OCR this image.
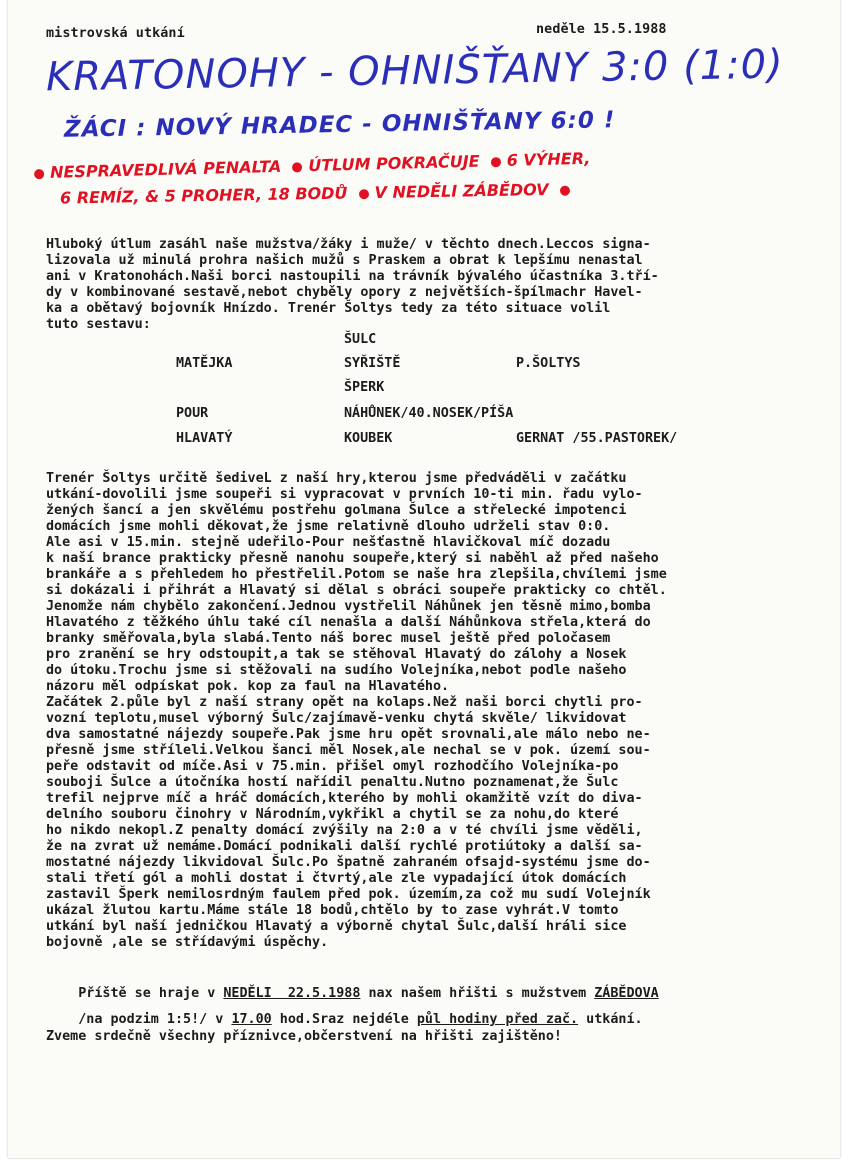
mistrovská utkání	neděle 15.5.1988
KRATONOHY - OHNIŠŤANY 3:0 (1:0)
ŽÁCI : NOVÝ HRADEC - OHNIŠŤANY 6:0 !
NESPRAVEDLIVÁ PENALTA ÚTLUM POKRAČUJE 6 VÝHER,
6 REMÍZ, & 5 PROHER, 18 BODŮ V NEDĚLI ZÁBĚDOV
Hluboký útlum zasáhl naše mužstva/žáky i muže/ v těchto dnech.Leccos signa-
lizovala už minulá prohra našich mužů s Praskem a obrat k lepšímu nenastal
ani v Kratonohách.Naši borci nastoupili na trávník bývalého účastníka 3.tří-
dy v kombinované sestavě,nebot chyběly opory z největších-špílmachr Havel-
ka a obětavý bojovník Hnízdo. Trenér Šoltys tedy za této situace volil
tuto sestavu:
ŠULC
MATĚJKA	SYŘIŠTĚ	P.ŠOLTYS
ŠPERK
POUR	NÁHŮNEK/40.NOSEK/PÍŠA
HLAVATÝ	KOUBEK	GERNAT /55.PASTOREK/
Trenér Šoltys určitě šediveL z naší hry,kterou jsme předváděli v začátku
utkání-dovolili jsme soupeři si vypracovat v prvních 10-ti min. řadu vylo-
žených šancí a jen skvělému postřehu golmana Šulce a střelecké impotenci
domácích jsme mohli děkovat,že jsme relativně dlouho udrželi stav 0:0.
Ale asi v 15.min. stejně udeřilo-Pour nešťastně hlavičkoval míč dozadu
k naší brance prakticky přesně nanohu soupeře,který si naběhl až před našeho
brankáře a s přehledem ho přestřelil.Potom se naše hra zlepšila,chvílemi jsme
si dokázali i přihrát a Hlavatý si dělal s obráci soupeře prakticky co chtěl.
Jenomže nám chybělo zakončení.Jednou vystřelil Náhůnek jen těsně mimo,bomba
Hlavatého z těžkého úhlu také cíl nenašla a další Náhůnkova střela,která do
branky směřovala,byla slabá.Tento náš borec musel ještě před poločasem
pro zranění se hry odstoupit,a tak se stěhoval Hlavatý do zálohy a Nosek
do útoku.Trochu jsme si stěžovali na sudího Volejníka,nebot podle našeho
názoru měl odpískat pok. kop za faul na Hlavatého.
Začátek 2.půle byl z naší strany opět na kolaps.Než naši borci chytli pro-
vozní teplotu,musel výborný Šulc/zajímavě-venku chytá skvěle/ likvidovat
dva samostatné nájezdy soupeře.Pak jsme hru opět srovnali,ale málo nebo ne-
přesně jsme stříleli.Velkou šanci měl Nosek,ale nechal se v pok. území sou-
peře odstavit od míče.Asi v 75.min. přišel omyl rozhodčího Volejníka-po
souboji Šulce a útočníka hostí nařídil penaltu.Nutno poznamenat,že Šulc
trefil nejprve míč a hráč domácích,kterého by mohli okamžitě vzít do diva-
delního souboru činohry v Národním,vykřikl a chytil se za nohu,do které
ho nikdo nekopl.Z penalty domácí zvýšily na 2:0 a v té chvíli jsme věděli,
že na zvrat už nemáme.Domácí podnikali další rychlé protiútoky a další sa-
mostatné nájezdy likvidoval Šulc.Po špatně zahraném ofsajd-systému jsme do-
stali třetí gól a mohli dostat i čtvrtý,ale zle vypadající útok domácích
zastavil Šperk nemilosrdným faulem před pok. územím,za což mu sudí Volejník
ukázal žlutou kartu.Máme stále 18 bodů,chtělo by to zase vyhrát.V tomto
utkání byl naší jedničkou Hlavatý a výborně chytal Šulc,další hráli sice
bojovně ,ale se střídavými úspěchy.

Příště se hraje v NEDĚLI  22.5.1988 nax našem hřišti s mužstvem ZÁBĚDOVA

/na podzim 1:5!/ v 17.00 hod.Sraz nejdéle půl hodiny před zač. utkání.

Zveme srdečně všechny příznivce,občerstvení na hřišti zajištěno!
